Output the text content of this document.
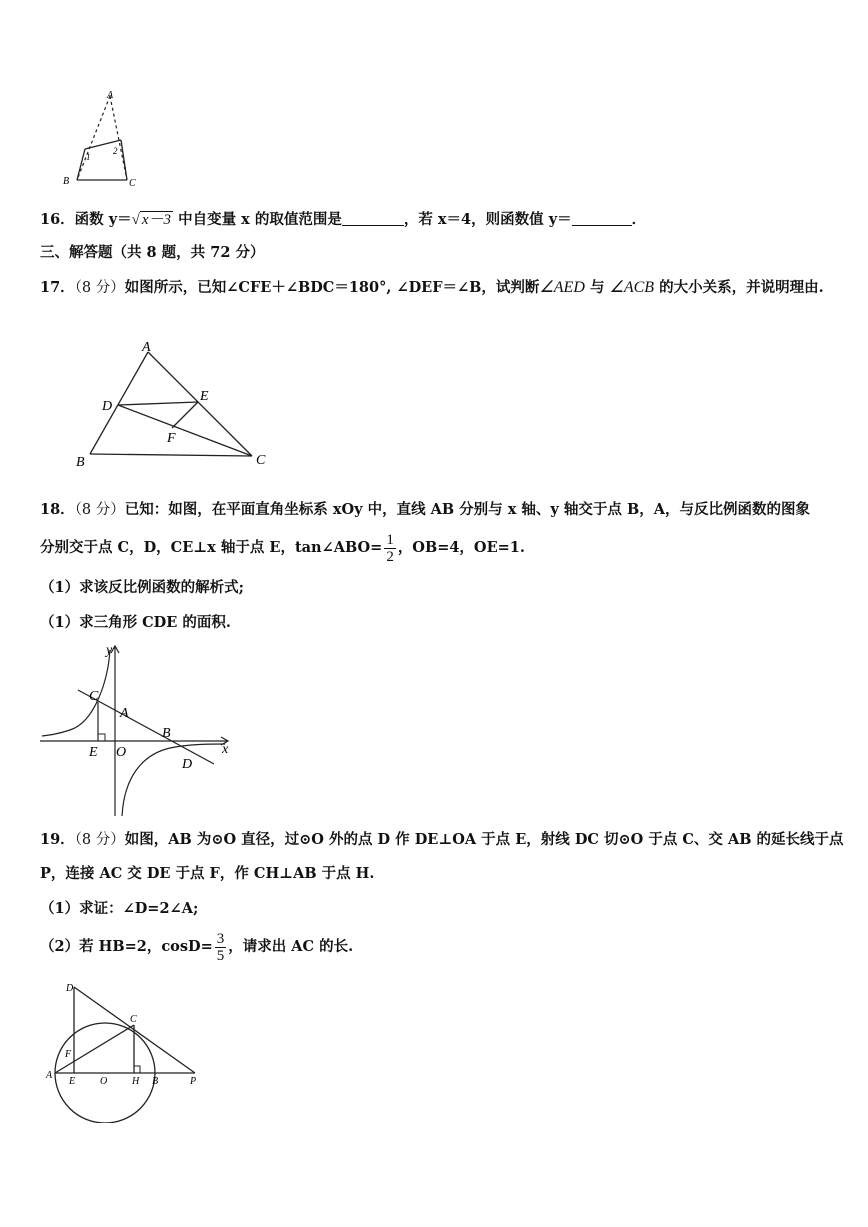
A
B	C
1
2
16．函数 y＝√ x－3 中自变量 x 的取值范围是	，若 x＝4，则函数值 y＝	．
三、解答题（共 8 题，共 72 分）
17．（8 分）如图所示，已知∠CFE＋∠BDC＝180°, ∠DEF＝∠B，试判断∠AED 与 ∠ACB 的大小关系，并说明理由.
A
B	C
D
E
F
18．（8 分）已知：如图，在平面直角坐标系 xOy 中，直线 AB 分别与 x 轴、y 轴交于点 B，A，与反比例函数的图象
分别交于点 C，D，CE⊥x 轴于点 E，tan∠ABO= $\frac{1}{2}$ ，OB=4，OE=1.
（1）求该反比例函数的解析式;
（1）求三角形 CDE 的面积.
y
x
C
A
B
D
E O
19．（8 分）如图，AB 为⊙O 直径，过⊙O 外的点 D 作 DE⊥OA 于点 E，射线 DC 切⊙O 于点 C、交 AB 的延长线于点
P，连接 AC 交 DE 于点 F，作 CH⊥AB 于点 H.
（1）求证：∠D=2∠A;
（2）若 HB=2，$\cos D= \frac{3}{5}$ ，请求出 AC 的长.
D
C
F
A
E O H B	P
